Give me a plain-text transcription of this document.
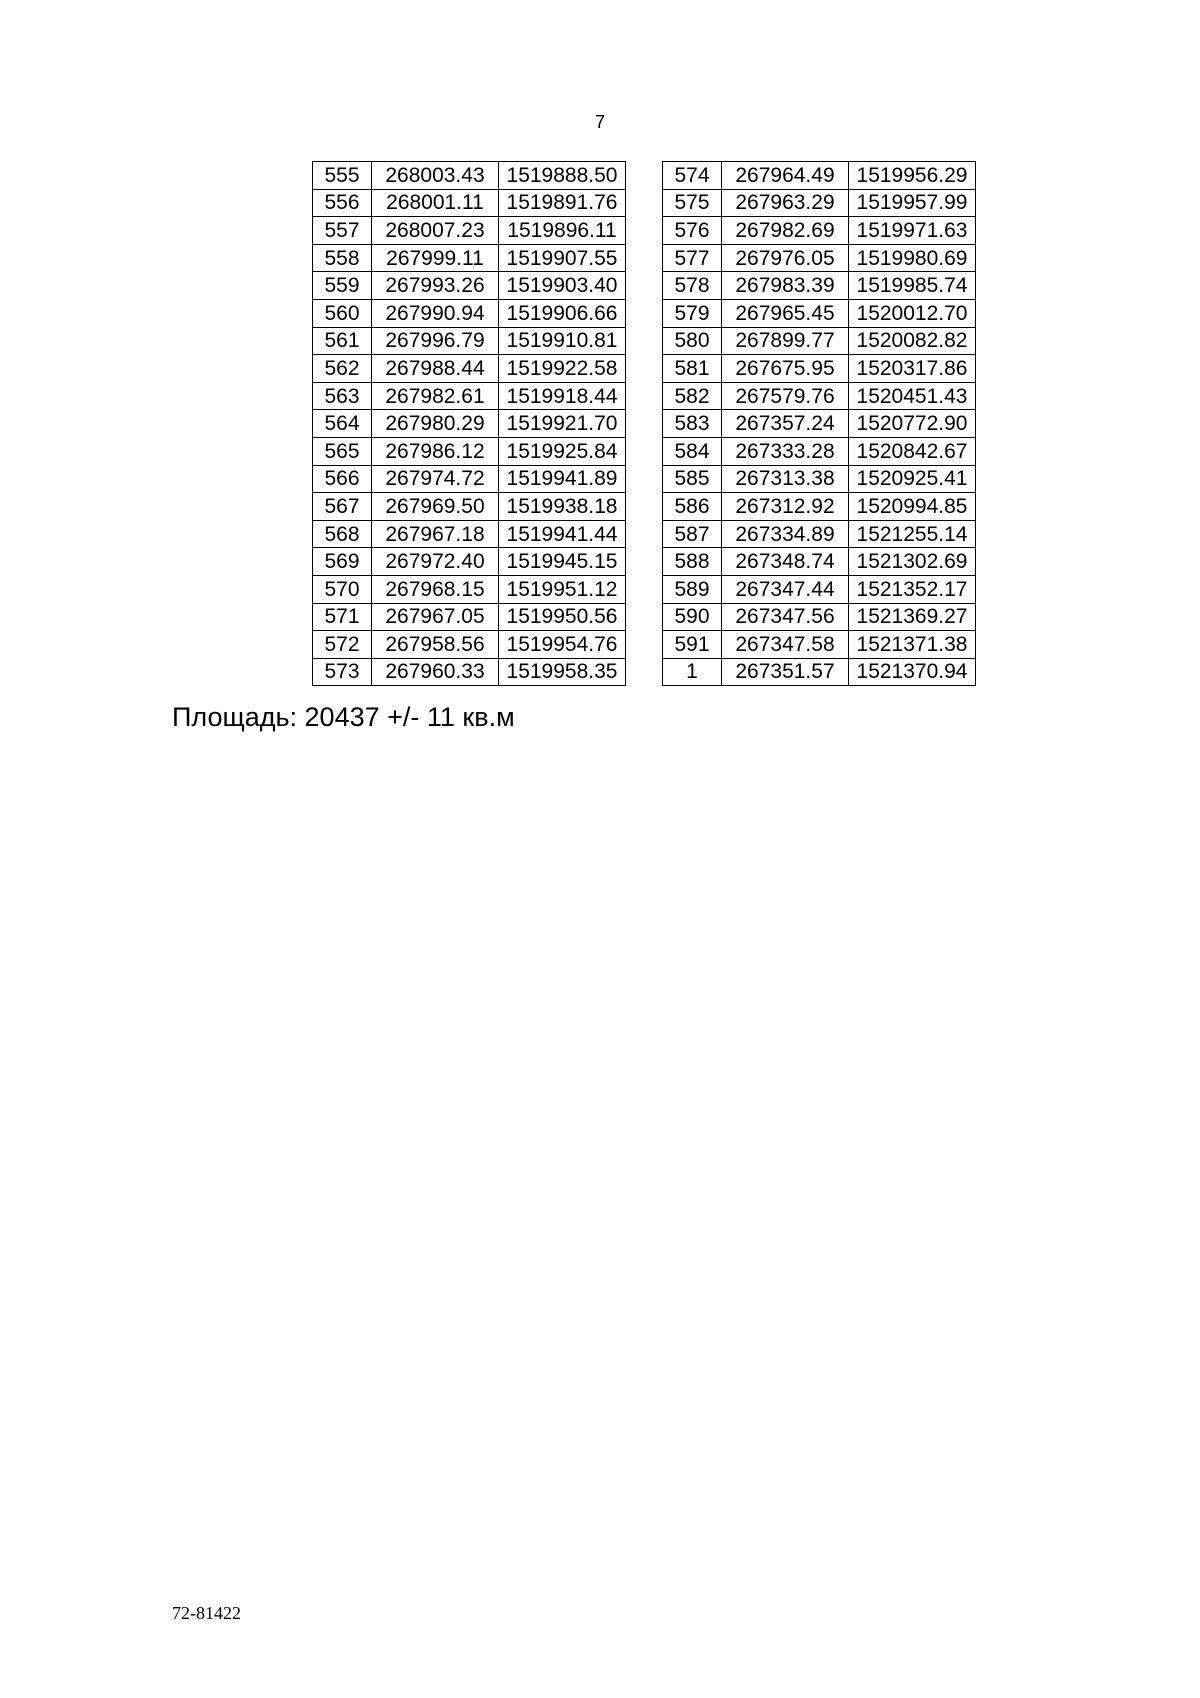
7
555	268003.43	1519888.50
556	268001.11	1519891.76
557	268007.23	1519896.11
558	267999.11	1519907.55
559	267993.26	1519903.40
560	267990.94	1519906.66
561	267996.79	1519910.81
562	267988.44	1519922.58
563	267982.61	1519918.44
564	267980.29	1519921.70
565	267986.12	1519925.84
566	267974.72	1519941.89
567	267969.50	1519938.18
568	267967.18	1519941.44
569	267972.40	1519945.15
570	267968.15	1519951.12
571	267967.05	1519950.56
572	267958.56	1519954.76
573	267960.33	1519958.35
574	267964.49	1519956.29
575	267963.29	1519957.99
576	267982.69	1519971.63
577	267976.05	1519980.69
578	267983.39	1519985.74
579	267965.45	1520012.70
580	267899.77	1520082.82
581	267675.95	1520317.86
582	267579.76	1520451.43
583	267357.24	1520772.90
584	267333.28	1520842.67
585	267313.38	1520925.41
586	267312.92	1520994.85
587	267334.89	1521255.14
588	267348.74	1521302.69
589	267347.44	1521352.17
590	267347.56	1521369.27
591	267347.58	1521371.38
1	267351.57	1521370.94
Площадь: 20437 +/- 11 кв.м
72-81422
